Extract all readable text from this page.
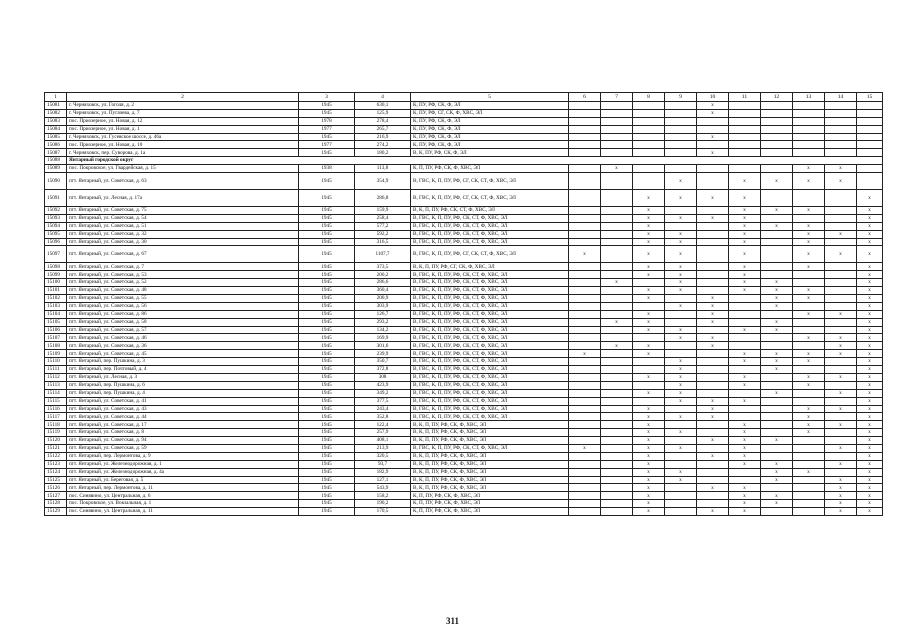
1	2	3	4	5	6	7	8	9	10	11	12	13	14	15
15081	г. Черняховск, ул. Гоголя, д. 2	1945	630,1	К, ПУ, РФ, СК, Ф, ЭЛ					x					
15082	г. Черняховск, ул. Пугачева, д. 7	1945	125,9	К, ПУ, РФ, СГ, СК, Ф, ХВС, ЭЛ					x					
15083	пос. Приозерное, ул. Новая, д. 12	1978	278,4	К, ПУ, РФ, СК, Ф, ЭЛ										
15084	пос. Приозерное, ул. Новая, д. 1	1977	265,7	К, ПУ, РФ, СК, Ф, ЭЛ										
15085	г. Черняховск, ул. Гусевское шоссе, д. 46а	1945	216,9	К, ПУ, РФ, СК, Ф, ЭЛ					x					
15086	пос. Приозерное, ул. Новая, д. 10	1977	274,2	К, ПУ, РФ, СК, Ф, ЭЛ										
15087	г. Черняховск, пер. Суворова, д. 1а	1945	180,2	В, К, ПУ, РФ, СК, Ф, ЭЛ					x					
15088	Янтарный городской округ													
15089	пос. Покровское, ул. Гвардейская, д. 15	1938	113,8	К, П, ПУ, РФ, СК, Ф, ХВС, ЭЛ		x						x	x	
15090	пгт. Янтарный, ул. Советская, д. 63	1945	354,9	В, ГВС, К, П, ПУ, РФ, СГ, СК, СТ, Ф, ХВС, ЭЛ				x		x	x	x	x	
15091	пгт. Янтарный, ул. Лесная, д. 17а	1945	286,8	В, ГВС, К, П, ПУ, РФ, СГ, СК, СТ, Ф, ХВС, ЭЛ			x	x	x	x				x
15092	пгт. Янтарный, ул. Советская, д. 75	1945	159,9	В, К, П, ПУ, РФ, СК, СТ, Ф, ХВС, ЭЛ			x			x	x	x		x
15093	пгт. Янтарный, ул. Советская, д. 54	1945	258,4	В, ГВС, К, П, ПУ, РФ, СК, СТ, Ф, ХВС, ЭЛ			x	x	x	x				x
15094	пгт. Янтарный, ул. Советская, д. 51	1945	577,2	В, ГВС, К, П, ПУ, РФ, СК, СТ, Ф, ХВС, ЭЛ			x			x	x	x		x
15095	пгт. Янтарный, ул. Советская, д. 32	1945	592,2	В, ГВС, К, П, ПУ, РФ, СК, СТ, Ф, ХВС, ЭЛ			x	x		x		x	x	x
15096	пгт. Янтарный, ул. Советская, д. 30	1945	316,5	В, ГВС, К, П, ПУ, РФ, СК, СТ, Ф, ХВС, ЭЛ			x	x		x		x		x
15097	пгт. Янтарный, ул. Советская, д. 67	1945	1107,7	В, ГВС, К, П, ПУ, РФ, СГ, СК, СТ, Ф, ХВС, ЭЛ	x		x	x		x		x	x	x
15098	пгт. Янтарный, ул. Советская, д. 7	1945	373,5	В, К, П, ПУ, РФ, СГ, СК, Ф, ХВС, ЭЛ			x	x		x		x		x
15099	пгт. Янтарный, ул. Советская, д. 53	1945	200,2	В, ГВС, К, П, ПУ, РФ, СК, СТ, Ф, ХВС, ЭЛ			x	x		x				x
15100	пгт. Янтарный, ул. Советская, д. 52	1945	286,6	В, ГВС, К, П, ПУ, РФ, СК, СТ, Ф, ХВС, ЭЛ		x		x		x	x			x
15101	пгт. Янтарный, ул. Советская, д. 48	1945	360,4	В, ГВС, К, П, ПУ, РФ, СК, СТ, Ф, ХВС, ЭЛ			x	x		x	x	x		x
15102	пгт. Янтарный, ул. Советская, д. 55	1945	200,9	В, ГВС, К, П, ПУ, РФ, СК, СТ, Ф, ХВС, ЭЛ			x		x		x	x		x
15103	пгт. Янтарный, ул. Советская, д. 56	1945	303,9	В, ГВС, К, П, ПУ, РФ, СК, СТ, Ф, ХВС, ЭЛ				x	x		x			x
15104	пгт. Янтарный, ул. Советская, д. 86	1945	126,7	В, ГВС, К, П, ПУ, РФ, СК, СТ, Ф, ХВС, ЭЛ			x		x			x	x	x
15105	пгт. Янтарный, ул. Советская, д. 58	1945	293,2	В, ГВС, К, П, ПУ, РФ, СК, СТ, Ф, ХВС, ЭЛ		x	x		x		x			x
15106	пгт. Янтарный, ул. Советская, д. 57	1945	134,2	В, ГВС, К, П, ПУ, РФ, СК, СТ, Ф, ХВС, ЭЛ			x	x		x	x			x
15107	пгт. Янтарный, ул. Советская, д. 46	1945	169,9	В, ГВС, К, П, ПУ, РФ, СК, СТ, Ф, ХВС, ЭЛ				x	x			x	x	x
15108	пгт. Янтарный, ул. Советская, д. 36	1945	301,6	В, ГВС, К, П, ПУ, РФ, СК, СТ, Ф, ХВС, ЭЛ		x	x		x				x	x
15109	пгт. Янтарный, ул. Советская, д. 45	1945	239,9	В, ГВС, К, П, ПУ, РФ, СК, СТ, Ф, ХВС, ЭЛ	x		x			x	x	x	x	x
15110	пгт. Янтарный, пер. Пушкина, д. 3	1945	350,7	В, ГВС, К, П, ПУ, РФ, СК, СТ, Ф, ХВС, ЭЛ				x		x	x	x		x
15111	пгт. Янтарный, пер. Почтовый, д. 4	1945	372,8	В, ГВС, К, П, ПУ, РФ, СК, СТ, Ф, ХВС, ЭЛ				x			x			x
15112	пгт. Янтарный, ул. Лесная, д. 3	1945	308	В, ГВС, К, П, ПУ, РФ, СК, СТ, Ф, ХВС, ЭЛ			x	x		x		x	x	x
15113	пгт. Янтарный, пер. Пушкина, д. 6	1945	423,9	В, ГВС, К, П, ПУ, РФ, СК, СТ, Ф, ХВС, ЭЛ				x		x		x		x
15114	пгт. Янтарный, пер. Пушкина, д. 4	1945	349,2	В, ГВС, К, П, ПУ, РФ, СК, СТ, Ф, ХВС, ЭЛ			x	x			x		x	x
15115	пгт. Янтарный, ул. Советская, д. 41	1945	377,5	В, ГВС, К, П, ПУ, РФ, СК, СТ, Ф, ХВС, ЭЛ				x	x	x				x
15116	пгт. Янтарный, ул. Советская, д. 43	1945	243,4	В, ГВС, К, П, ПУ, РФ, СК, СТ, Ф, ХВС, ЭЛ			x		x			x	x	x
15117	пгт. Янтарный, ул. Советская, д. 44	1945	352,8	В, ГВС, К, П, ПУ, РФ, СК, СТ, Ф, ХВС, ЭЛ			x	x	x			x		x
15118	пгт. Янтарный, ул. Советская, д. 17	1945	122,4	В, К, П, ПУ, РФ, СК, Ф, ХВС, ЭЛ			x			x		x	x	x
15119	пгт. Янтарный, ул. Советская, д. 8	1945	257,9	В, К, П, ПУ, РФ, СК, Ф, ХВС, ЭЛ			x	x		x		x		x
15120	пгт. Янтарный, ул. Советская, д. 94	1945	408,1	В, К, П, ПУ, РФ, СК, Ф, ХВС, ЭЛ			x		x	x	x			x
15121	пгт. Янтарный, ул. Советская, д. 59	1945	213,9	В, ГВС, К, П, ПУ, РФ, СК, СТ, Ф, ХВС, ЭЛ	x		x	x		x			x	x
15122	пгт. Янтарный, пер. Лермонтова, д. 9	1945	320,5	В, К, П, ПУ, РФ, СК, Ф, ХВС, ЭЛ			x		x	x				x
15123	пгт. Янтарный, ул. Железнодорожная, д. 1	1945	93,7	В, К, П, ПУ, РФ, СК, Ф, ХВС, ЭЛ			x			x	x		x	x
15124	пгт. Янтарный, ул. Железнодорожная, д. 4а	1945	182,9	В, К, П, ПУ, РФ, СК, Ф, ХВС, ЭЛ			x	x			x	x		x
15125	пгт. Янтарный, ул. Береговая, д. 5	1945	127,1	В, К, П, ПУ, РФ, СК, Ф, ХВС, ЭЛ			x	x			x		x	x
15126	пгт. Янтарный, пер. Лермонтова, д. 11	1945	543,9	В, К, П, ПУ, РФ, СК, Ф, ХВС, ЭЛ			x		x	x			x	x
15127	пос. Синявино, ул. Центральная, д. 6	1945	158,2	К, П, ПУ, РФ, СК, Ф, ХВС, ЭЛ			x			x	x		x	x
15128	пос. Покровское, ул. Вокзальная, д. 1	1945	190,2	К, П, ПУ, РФ, СК, Ф, ХВС, ЭЛ			x			x	x		x	x
15129	пос. Синявино, ул. Центральная, д. 11	1945	170,5	К, П, ПУ, РФ, СК, Ф, ХВС, ЭЛ			x		x	x			x	x
311
